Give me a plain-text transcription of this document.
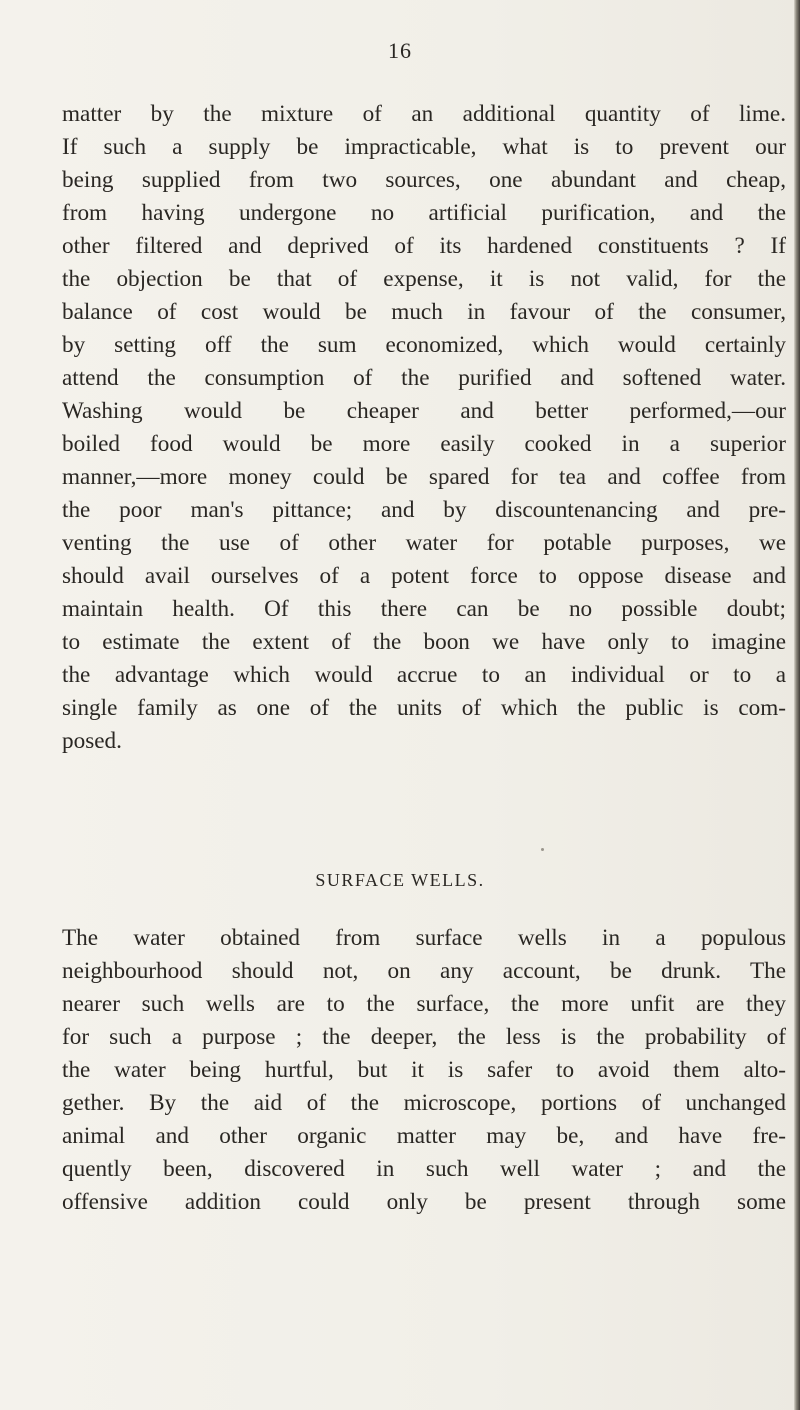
16
matter by the mixture of an additional quantity of lime.
If such a supply be impracticable, what is to prevent our
being supplied from two sources, one abundant and cheap,
from having undergone no artificial purification, and the
other filtered and deprived of its hardened constituents ? If
the objection be that of expense, it is not valid, for the
balance of cost would be much in favour of the consumer,
by setting off the sum economized, which would certainly
attend the consumption of the purified and softened water.
Washing would be cheaper and better performed,—our
boiled food would be more easily cooked in a superior
manner,—more money could be spared for tea and coffee from
the poor man's pittance; and by discountenancing and pre-
venting the use of other water for potable purposes, we
should avail ourselves of a potent force to oppose disease and
maintain health. Of this there can be no possible doubt;
to estimate the extent of the boon we have only to imagine
the advantage which would accrue to an individual or to a
single family as one of the units of which the public is com-
posed.
SURFACE WELLS.
The water obtained from surface wells in a populous
neighbourhood should not, on any account, be drunk. The
nearer such wells are to the surface, the more unfit are they
for such a purpose ; the deeper, the less is the probability of
the water being hurtful, but it is safer to avoid them alto-
gether. By the aid of the microscope, portions of unchanged
animal and other organic matter may be, and have fre-
quently been, discovered in such well water ; and the
offensive addition could only be present through some
